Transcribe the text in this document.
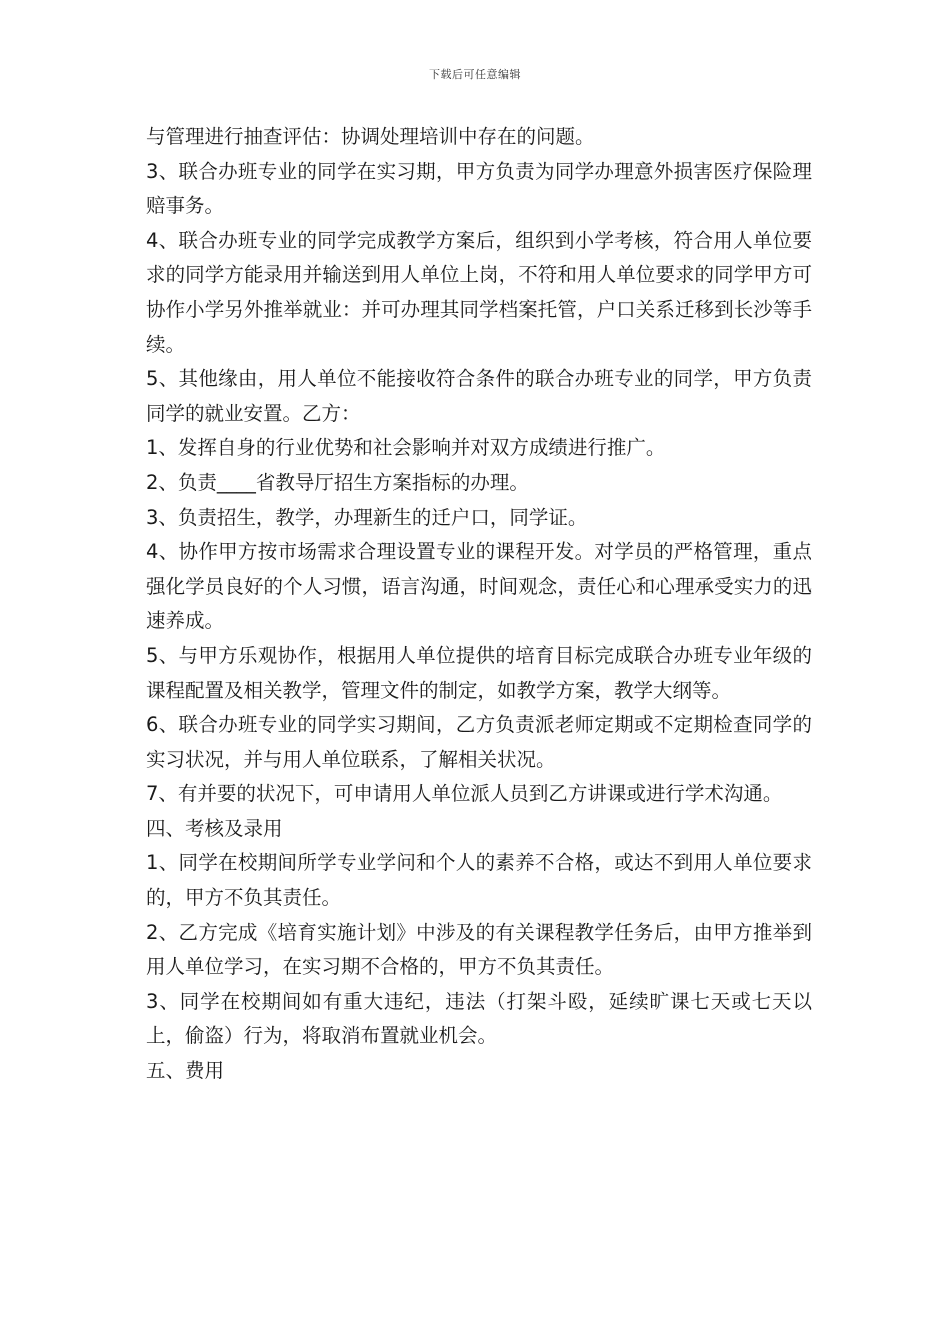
下载后可任意编辑

与管理进行抽查评估：协调处理培训中存在的问题。

3、联合办班专业的同学在实习期，甲方负责为同学办理意外损害医疗保险理赔事务。

4、联合办班专业的同学完成教学方案后，组织到小学考核，符合用人单位要求的同学方能录用并输送到用人单位上岗，不符和用人单位要求的同学甲方可协作小学另外推举就业：并可办理其同学档案托管，户口关系迁移到长沙等手续。

5、其他缘由，用人单位不能接收符合条件的联合办班专业的同学，甲方负责同学的就业安置。乙方：

1、发挥自身的行业优势和社会影响并对双方成绩进行推广。

2、负责____省教导厅招生方案指标的办理。

3、负责招生，教学，办理新生的迁户口，同学证。

4、协作甲方按市场需求合理设置专业的课程开发。对学员的严格管理，重点强化学员良好的个人习惯，语言沟通，时间观念，责任心和心理承受实力的迅速养成。

5、与甲方乐观协作，根据用人单位提供的培育目标完成联合办班专业年级的课程配置及相关教学，管理文件的制定，如教学方案，教学大纲等。

6、联合办班专业的同学实习期间，乙方负责派老师定期或不定期检查同学的实习状况，并与用人单位联系，了解相关状况。

7、有并要的状况下，可申请用人单位派人员到乙方讲课或进行学术沟通。

四、考核及录用

1、同学在校期间所学专业学问和个人的素养不合格，或达不到用人单位要求的，甲方不负其责任。

2、乙方完成《培育实施计划》中涉及的有关课程教学任务后，由甲方推举到用人单位学习，在实习期不合格的，甲方不负其责任。

3、同学在校期间如有重大违纪，违法（打架斗殴，延续旷课七天或七天以上，偷盗）行为，将取消布置就业机会。

五、费用
